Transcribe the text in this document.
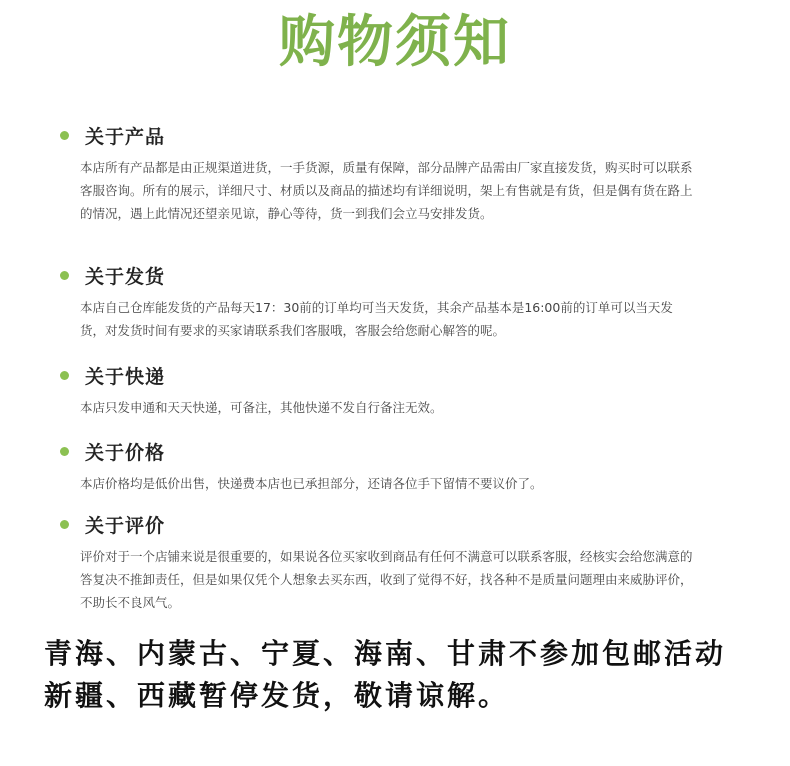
购物须知
关于产品
本店所有产品都是由正规渠道进货，一手货源，质量有保障，部分品牌产品需由厂家直接发货，购买时可以联系客服咨询。所有的展示，详细尺寸、材质以及商品的描述均有详细说明，架上有售就是有货，但是偶有货在路上的情况，遇上此情况还望亲见谅，静心等待，货一到我们会立马安排发货。
关于发货
本店自己仓库能发货的产品每天17：30前的订单均可当天发货，其余产品基本是16:00前的订单可以当天发货，对发货时间有要求的买家请联系我们客服哦，客服会给您耐心解答的呢。
关于快递
本店只发申通和天天快递，可备注，其他快递不发自行备注无效。
关于价格
本店价格均是低价出售，快递费本店也已承担部分，还请各位手下留情不要议价了。
关于评价
评价对于一个店铺来说是很重要的，如果说各位买家收到商品有任何不满意可以联系客服，经核实会给您满意的答复决不推卸责任，但是如果仅凭个人想象去买东西，收到了觉得不好，找各种不是质量问题理由来威胁评价，不助长不良风气。
青海、内蒙古、宁夏、海南、甘肃不参加包邮活动
新疆、西藏暂停发货，敬请谅解。
